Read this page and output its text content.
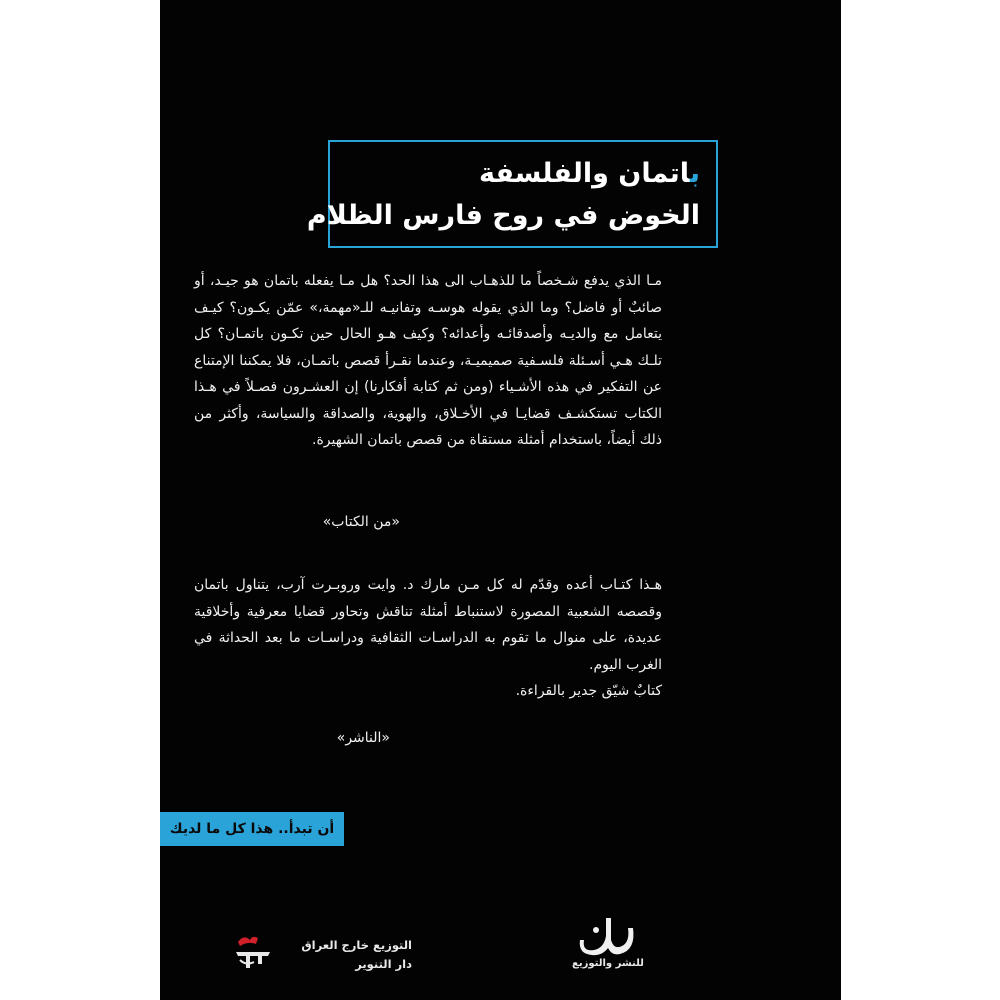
باتمان والفلسفة
الخوض في روح فارس الظلام

مـا الذي يدفع شـخصاً ما للذهـاب الى هذا الحد؟ هل مـا يفعله باتمان هو جيـد، أو صائبٌ أو فاضل؟ وما الذي يقوله هوسـه وتفانيـه للـ«مهمة،» عمّن يكـون؟ كيـف يتعامل مع والديـه وأصدقائـه وأعدائه؟ وكيف هـو الحال حين تكـون باتمـان؟ كل تلـك هـي أسـئلة فلسـفية صميميـة، وعندما نقـرأ قصص باتمـان، فلا يمكننا الإمتناع عن التفكير في هذه الأشـياء (ومن ثم كتابة أفكارنا) إن العشـرون فصـلاً في هـذا الكتاب تستكشـف قضايـا في الأخـلاق، والهوية، والصداقة والسياسة، وأكثر من ذلك أيضاً، باستخدام أمثلة مستقاة من قصص باتمان الشهيرة.

«من الكتاب»

هـذا كتـاب أعده وقدّم له كل مـن مارك د. وايت وروبـرت آرب، يتناول باتمان وقصصه الشعبية المصورة لاستنباط أمثلة تناقش وتحاور قضايا معرفية وأخلاقية عديدة، على منوال ما تقوم به الدراسـات الثقافية ودراسـات ما بعد الحداثة في الغرب اليوم.

كتابٌ شيّق جدير بالقراءة.

«الناشر»
أن تبدأ.. هذا كل ما لديك
التوزيع خارج العراق
دار التنوير	للنشر والتوزيع
